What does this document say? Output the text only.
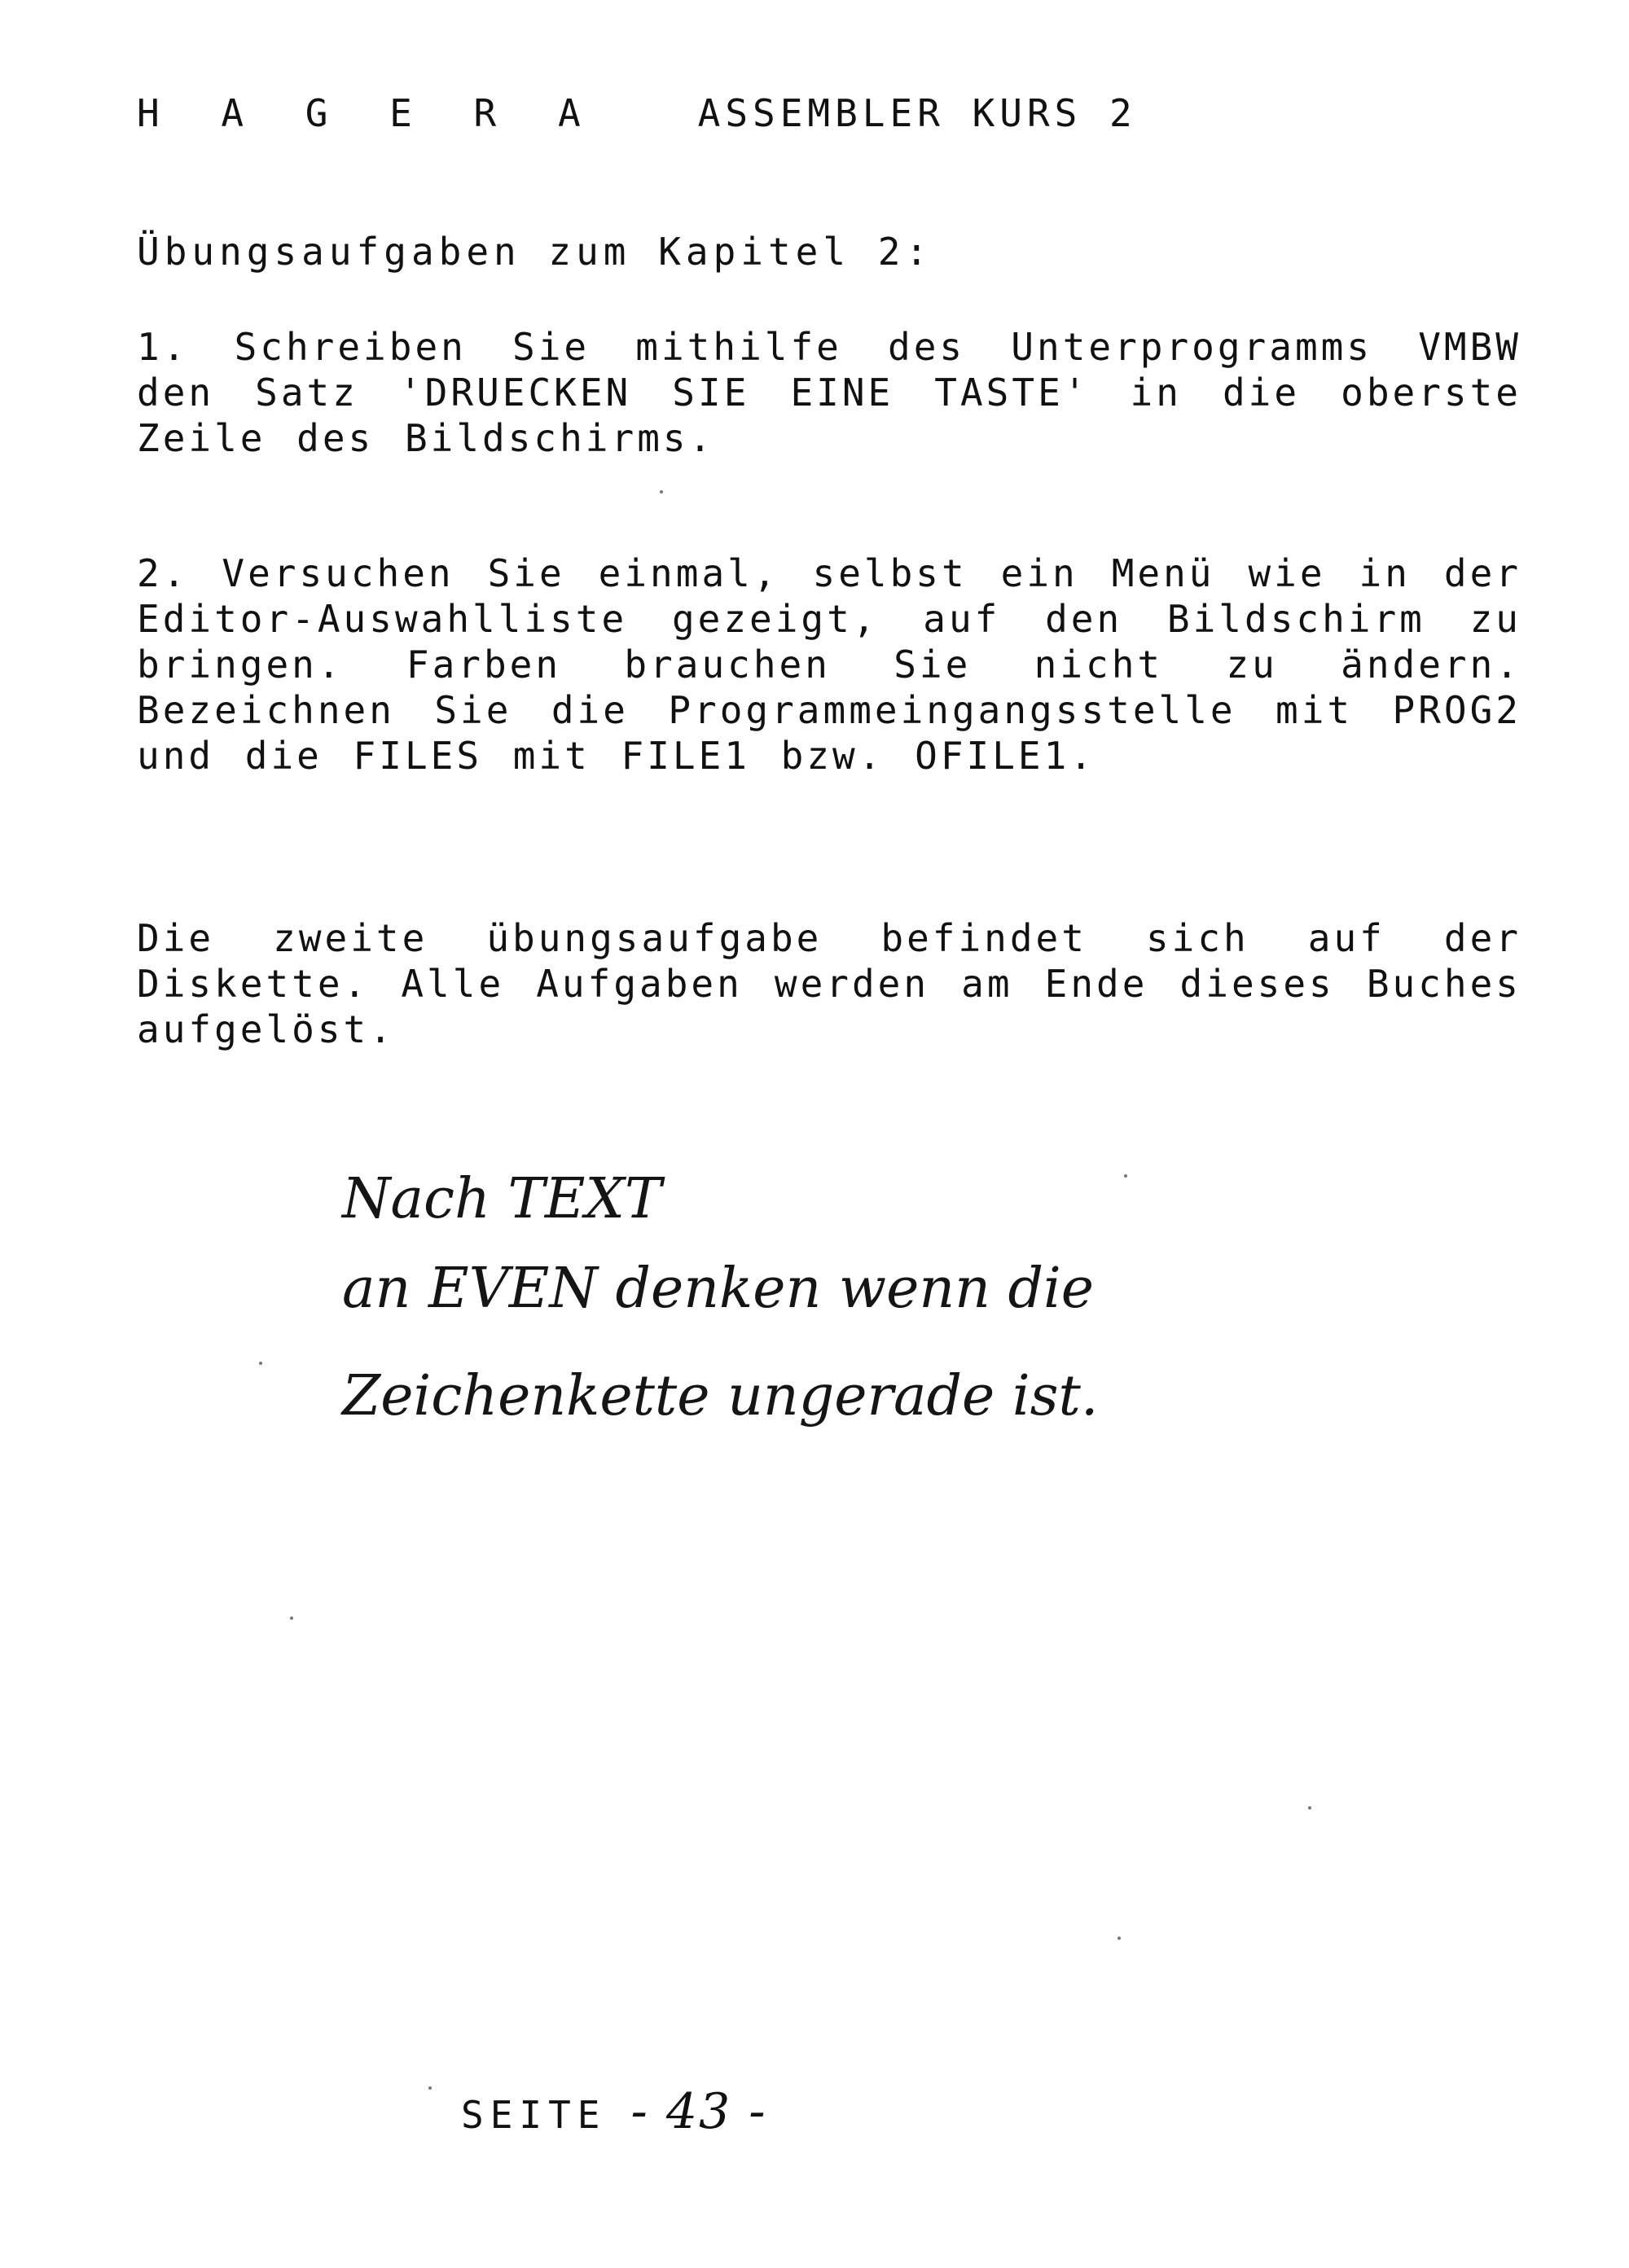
H A G E R A	ASSEMBLER KURS 2
Übungsaufgaben zum Kapitel 2:
1. Schreiben Sie mithilfe des Unterprogramms VMBW den Satz 'DRUECKEN SIE EINE TASTE' in die oberste Zeile des Bildschirms.
2. Versuchen Sie einmal, selbst ein Menü wie in der Editor-Auswahlliste gezeigt, auf den Bildschirm zu bringen. Farben brauchen Sie nicht zu ändern. Bezeichnen Sie die Programmeingangsstelle mit PROG2 und die FILES mit FILE1 bzw. OFILE1.
Die zweite übungsaufgabe befindet sich auf der Diskette. Alle Aufgaben werden am Ende dieses Buches aufgelöst.
Nach TEXT
an EVEN denken wenn die
Zeichenkette ungerade ist.
SEITE - 43 -
